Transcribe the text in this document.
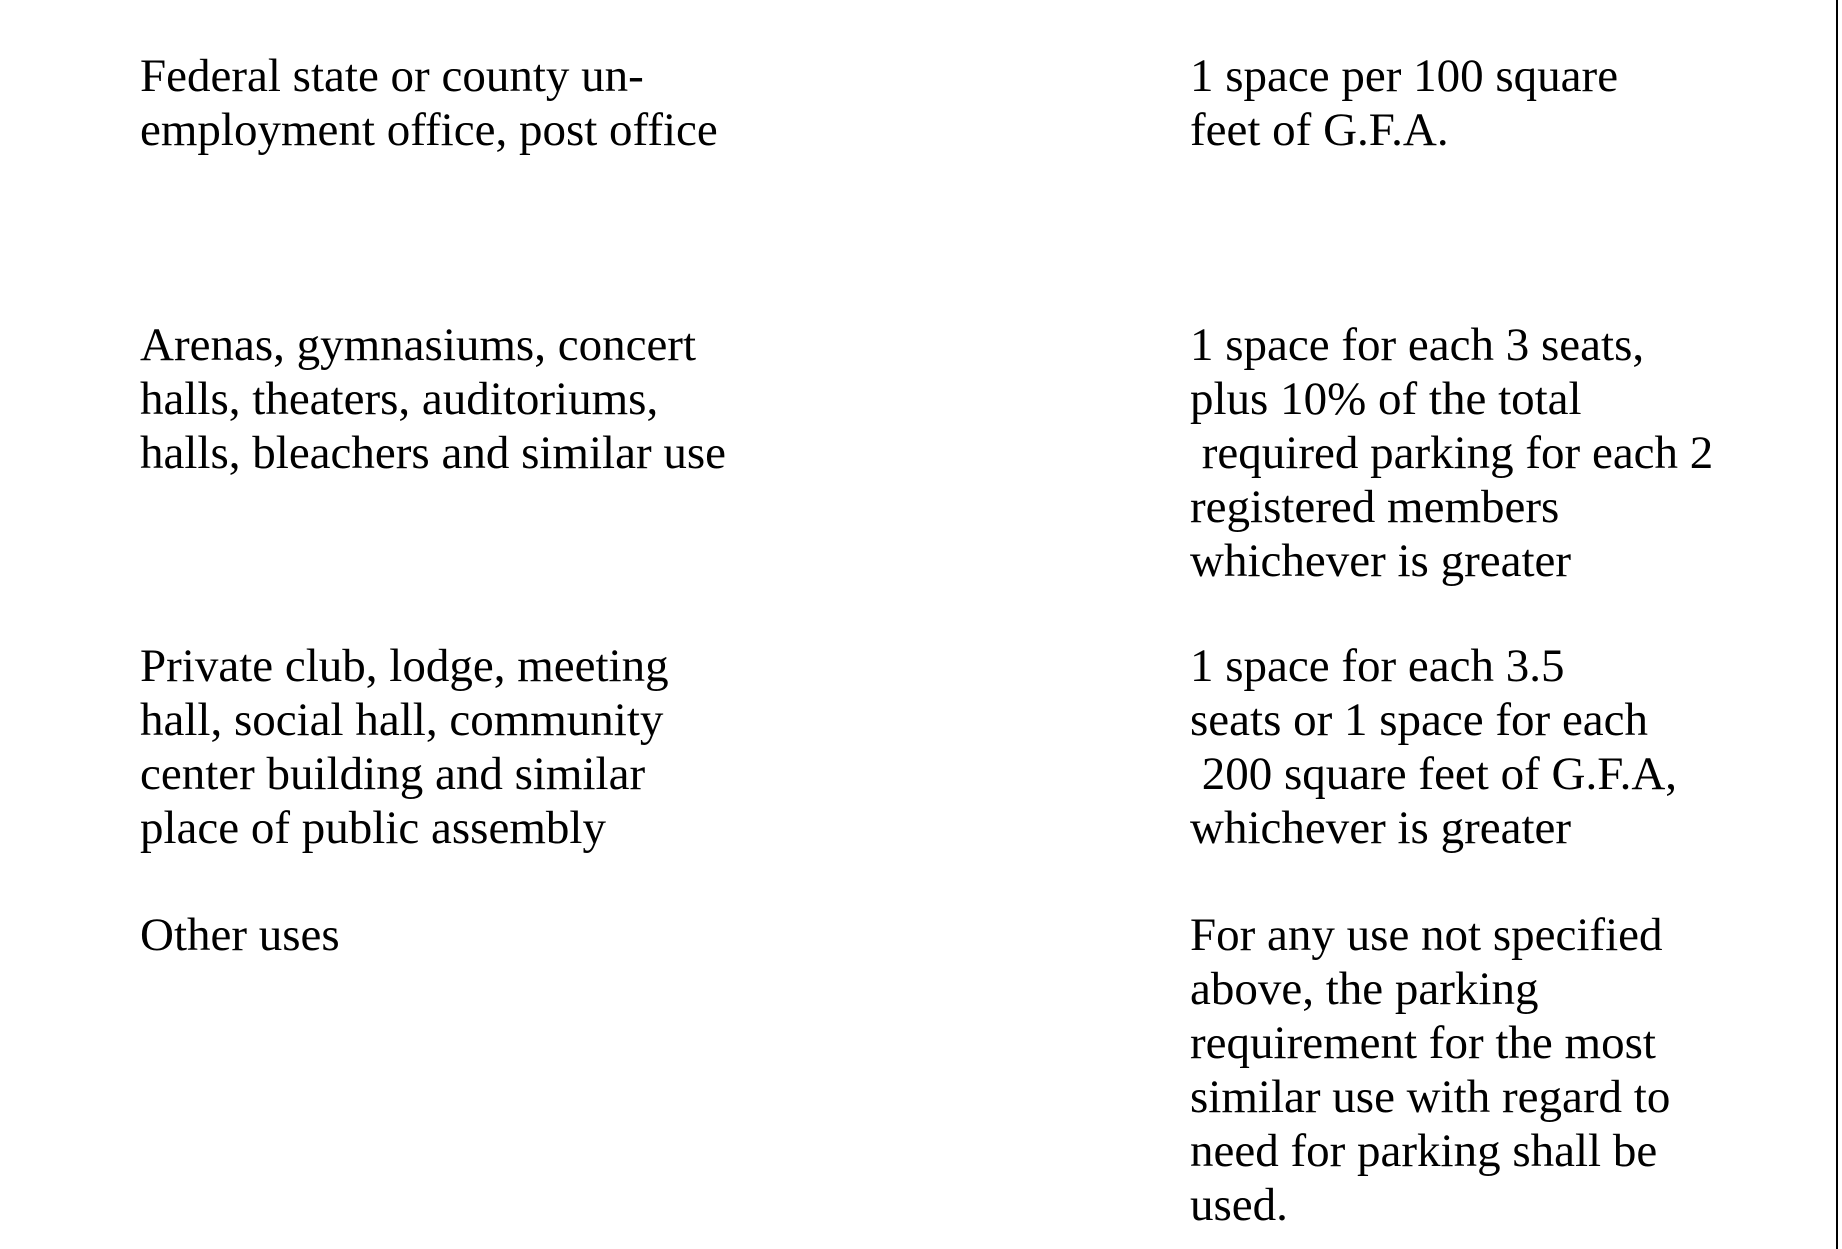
Federal state or county un-
employment office, post office
1 space per 100 square
feet of G.F.A.
Arenas, gymnasiums, concert
halls, theaters, auditoriums,
halls, bleachers and similar use
1 space for each 3 seats,
plus 10% of the total
required parking for each 2
registered members
whichever is greater
Private club, lodge, meeting
hall, social hall, community
center building and similar
place of public assembly
1 space for each 3.5
seats or 1 space for each
200 square feet of G.F.A,
whichever is greater
Other uses	For any use not specified
above, the parking
requirement for the most
similar use with regard to
need for parking shall be
used.
